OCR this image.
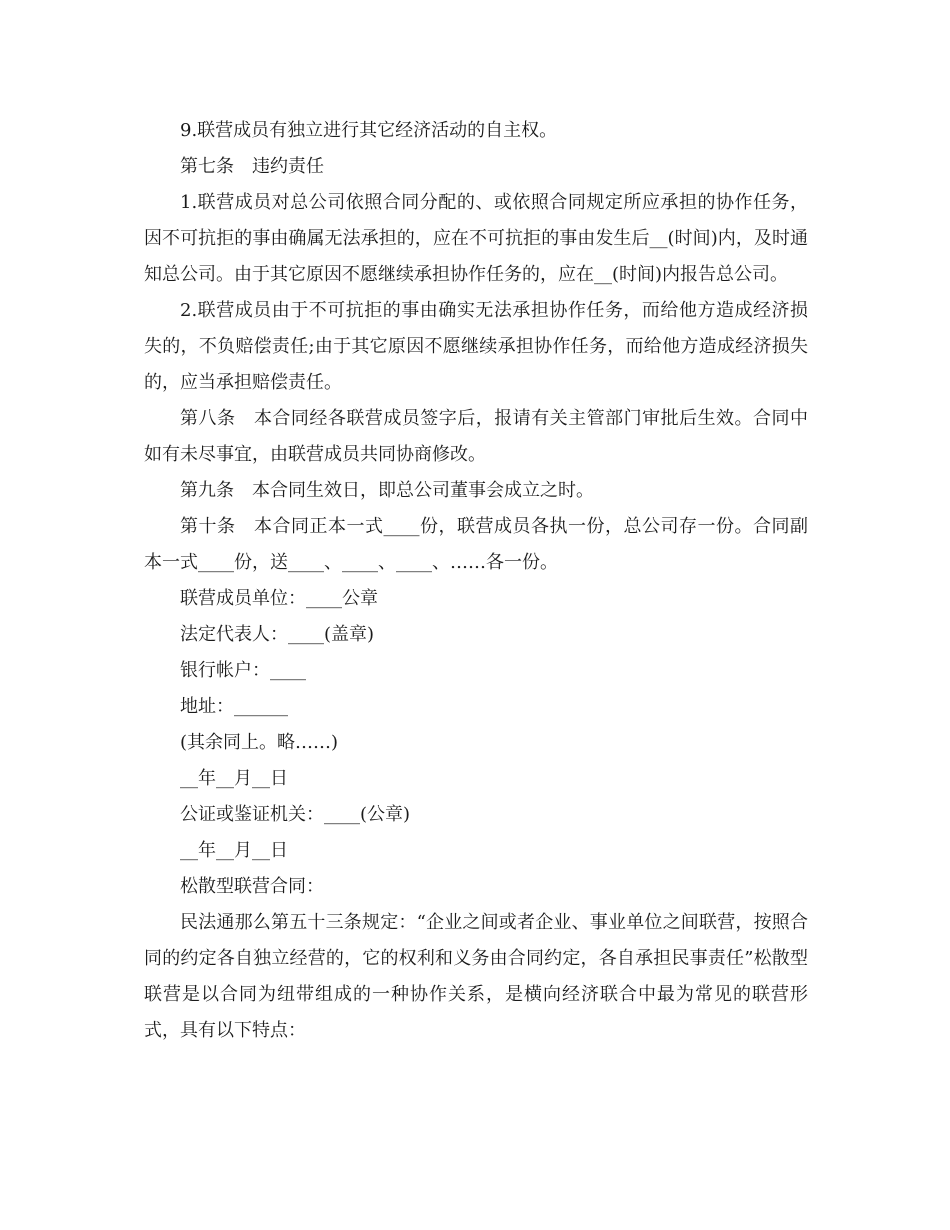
9.联营成员有独立进行其它经济活动的自主权。

第七条　违约责任

1.联营成员对总公司依照合同分配的、或依照合同规定所应承担的协作任务，因不可抗拒的事由确属无法承担的，应在不可抗拒的事由发生后__(时间)内，及时通知总公司。由于其它原因不愿继续承担协作任务的，应在__(时间)内报告总公司。

2.联营成员由于不可抗拒的事由确实无法承担协作任务，而给他方造成经济损失的，不负赔偿责任;由于其它原因不愿继续承担协作任务，而给他方造成经济损失的，应当承担赔偿责任。

第八条　本合同经各联营成员签字后，报请有关主管部门审批后生效。合同中如有未尽事宜，由联营成员共同协商修改。

第九条　本合同生效日，即总公司董事会成立之时。

第十条　本合同正本一式____份，联营成员各执一份，总公司存一份。合同副本一式____份，送____、____、____、……各一份。

联营成员单位：____公章

法定代表人：____(盖章)

银行帐户：____

地址：______

(其余同上。略……)

__年__月__日

公证或鉴证机关：____(公章)

__年__月__日

松散型联营合同：

民法通那么第五十三条规定：“企业之间或者企业、事业单位之间联营，按照合同的约定各自独立经营的，它的权利和义务由合同约定，各自承担民事责任”松散型联营是以合同为纽带组成的一种协作关系，是横向经济联合中最为常见的联营形式，具有以下特点：
